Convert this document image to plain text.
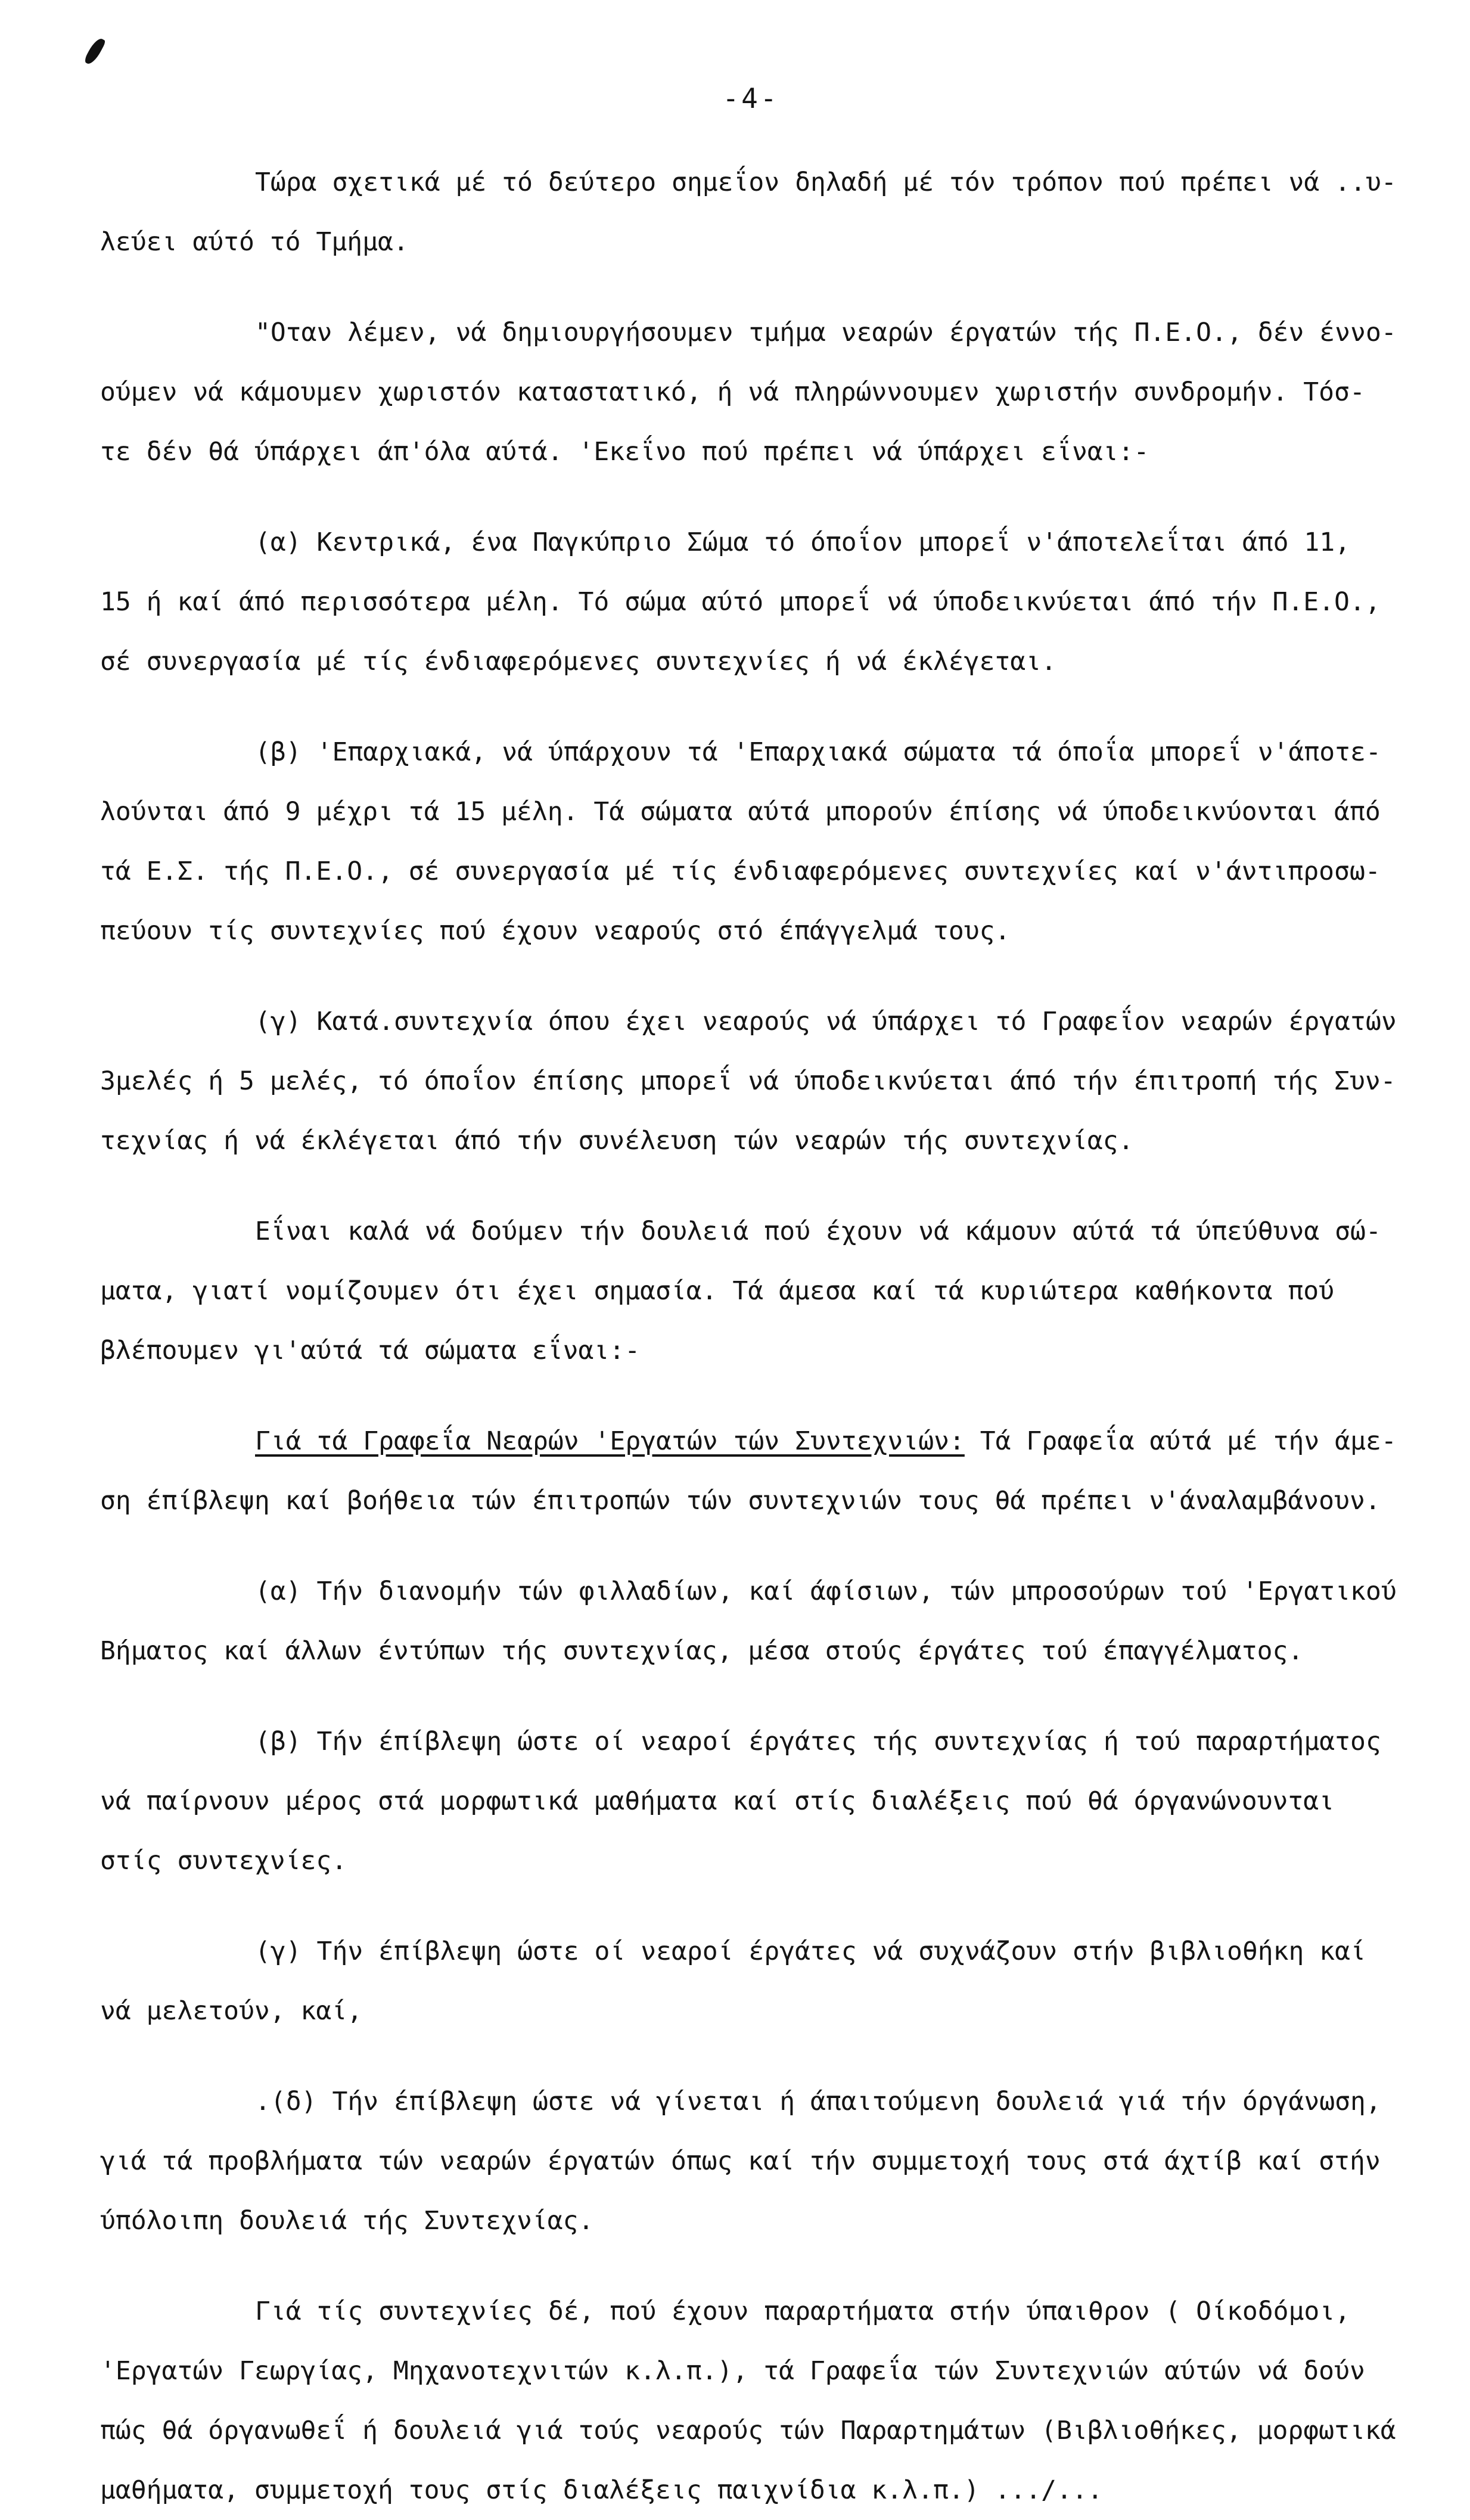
-4-
Τώρα σχετικά μέ τό δεύτερο σημεΐον δηλαδή μέ τόν τρόπον πού πρέπει νά ..υ-
λεύει αύτό τό Τμήμα.
"Οταν λέμεν, νά δημιουργήσουμεν τμήμα νεαρών έργατών τής Π.Ε.Ο., δέν έννο-
ούμεν νά κάμουμεν χωριστόν καταστατικό, ή νά πληρώννουμεν χωριστήν συνδρομήν. Τόσ-
τε δέν θά ύπάρχει άπ'όλα αύτά. 'Εκεΐνο πού πρέπει νά ύπάρχει εΐναι:-
(α) Κεντρικά, ένα Παγκύπριο Σώμα τό όποΐον μπορεΐ ν'άποτελεΐται άπό 11,
15 ή καί άπό περισσότερα μέλη. Τό σώμα αύτό μπορεΐ νά ύποδεικνύεται άπό τήν Π.Ε.Ο.,
σέ συνεργασία μέ τίς ένδιαφερόμενες συντεχνίες ή νά έκλέγεται.
(β) 'Επαρχιακά, νά ύπάρχουν τά 'Επαρχιακά σώματα τά όποΐα μπορεΐ ν'άποτε-
λούνται άπό 9 μέχρι τά 15 μέλη. Τά σώματα αύτά μπορούν έπίσης νά ύποδεικνύονται άπό
τά Ε.Σ. τής Π.Ε.Ο., σέ συνεργασία μέ τίς ένδιαφερόμενες συντεχνίες καί ν'άντιπροσω-
πεύουν τίς συντεχνίες πού έχουν νεαρούς στό έπάγγελμά τους.
(γ) Κατά.συντεχνία όπου έχει νεαρούς νά ύπάρχει τό Γραφεΐον νεαρών έργατών
3μελές ή 5 μελές, τό όποΐον έπίσης μπορεΐ νά ύποδεικνύεται άπό τήν έπιτροπή τής Συν-
τεχνίας ή νά έκλέγεται άπό τήν συνέλευση τών νεαρών τής συντεχνίας.
Εΐναι καλά νά δούμεν τήν δουλειά πού έχουν νά κάμουν αύτά τά ύπεύθυνα σώ-
ματα, γιατί νομίζουμεν ότι έχει σημασία. Τά άμεσα καί τά κυριώτερα καθήκοντα πού
βλέπουμεν γι'αύτά τά σώματα εΐναι:-
Γιά τά Γραφεΐα Νεαρών 'Εργατών τών Συντεχνιών: Τά Γραφεΐα αύτά μέ τήν άμε-
ση έπίβλεψη καί βοήθεια τών έπιτροπών τών συντεχνιών τους θά πρέπει ν'άναλαμβάνουν.
(α) Τήν διανομήν τών φιλλαδίων, καί άφίσιων, τών μπροσούρων τού 'Εργατικού
Βήματος καί άλλων έντύπων τής συντεχνίας, μέσα στούς έργάτες τού έπαγγέλματος.
(β) Τήν έπίβλεψη ώστε οί νεαροί έργάτες τής συντεχνίας ή τού παραρτήματος
νά παίρνουν μέρος στά μορφωτικά μαθήματα καί στίς διαλέξεις πού θά όργανώνουνται
στίς συντεχνίες.
(γ) Τήν έπίβλεψη ώστε οί νεαροί έργάτες νά συχνάζουν στήν βιβλιοθήκη καί
νά μελετούν, καί,
.(δ) Τήν έπίβλεψη ώστε νά γίνεται ή άπαιτούμενη δουλειά γιά τήν όργάνωση,
γιά τά προβλήματα τών νεαρών έργατών όπως καί τήν συμμετοχή τους στά άχτίβ καί στήν
ύπόλοιπη δουλειά τής Συντεχνίας.
Γιά τίς συντεχνίες δέ, πού έχουν παραρτήματα στήν ύπαιθρον ( Οίκοδόμοι,
'Εργατών Γεωργίας, Μηχανοτεχνιτών κ.λ.π.), τά Γραφεΐα τών Συντεχνιών αύτών νά δούν
πώς θά όργανωθεΐ ή δουλειά γιά τούς νεαρούς τών Παραρτημάτων (Βιβλιοθήκες, μορφωτικά
μαθήματα, συμμετοχή τους στίς διαλέξεις παιχνίδια κ.λ.π.) .../...
